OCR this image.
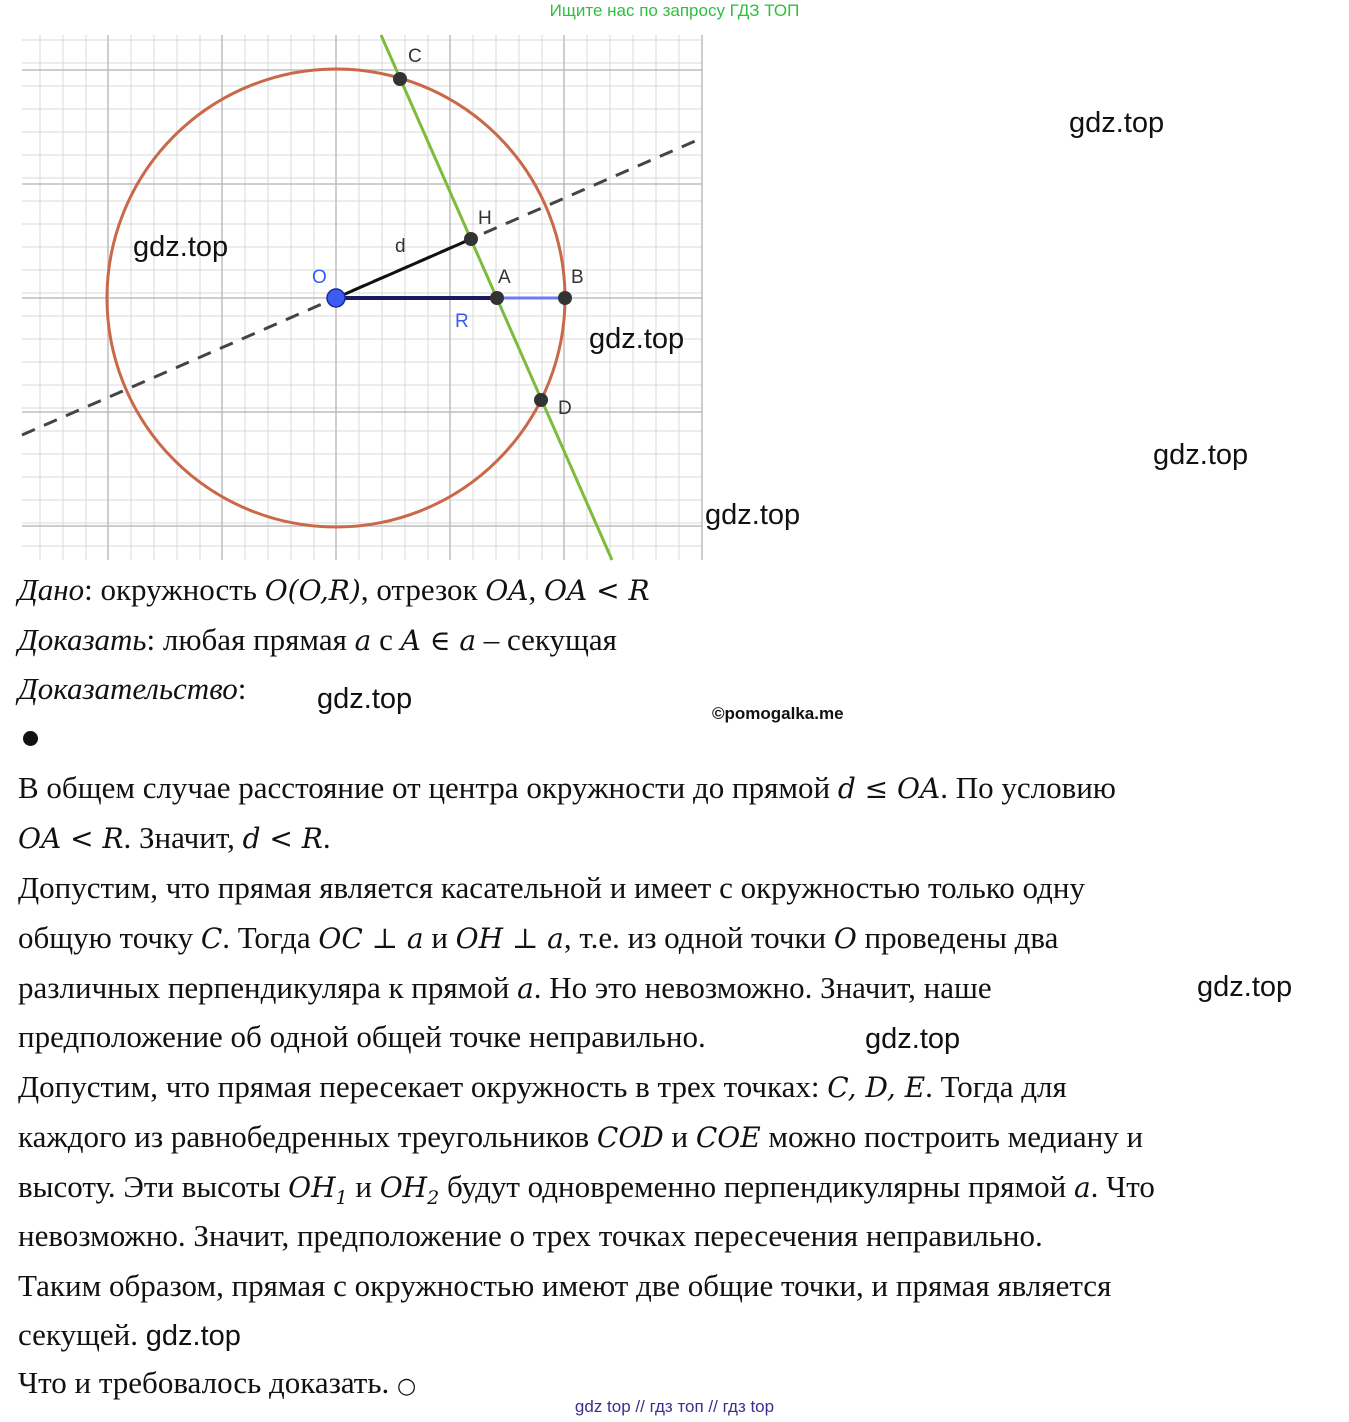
Ищите нас по запросу ГДЗ ТОП
C
H
d
O	A	B
R
D
gdz.top
gdz.top
gdz.top
gdz.top
gdz.top
gdz.top
gdz.top
gdz.top
Дано: окружность O(O,R), отрезок OA, OA < R
Доказать: любая прямая a с A ∈ a – секущая
Доказательство:
©pomogalka.me
В общем случае расстояние от центра окружности до прямой d ≤ OA. По условию
OA < R. Значит, d < R.
Допустим, что прямая является касательной и имеет с окружностью только одну
общую точку C. Тогда OC ⊥ a и OH ⊥ a, т.е. из одной точки O проведены два
различных перпендикуляра к прямой a. Но это невозможно. Значит, наше
предположение об одной общей точке неправильно.
Допустим, что прямая пересекает окружность в трех точках: C, D, E. Тогда для
каждого из равнобедренных треугольников COD и COE можно построить медиану и
высоту. Эти высоты $OH_1$ и $OH_2$ будут одновременно перпендикулярны прямой a. Что
невозможно. Значит, предположение о трех точках пересечения неправильно.
Таким образом, прямая с окружностью имеют две общие точки, и прямая является
секущей. gdz.top
Что и требовалось доказать. ○
gdz top // гдз топ // гдз top
